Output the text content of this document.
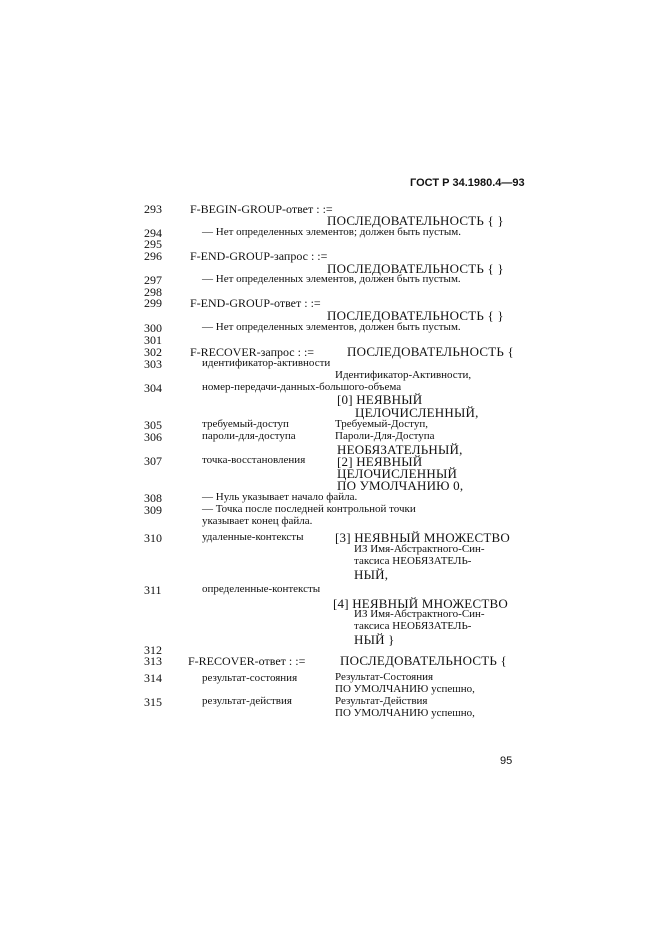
ГОСТ Р 34.1980.4—93
293 F-BEGIN-GROUP-ответ : :=
ПОСЛЕДОВАТЕЛЬНОСТЬ { }
294	— Нет определенных элементов; должен быть пустым.
295
296 F-END-GROUP-запрос : :=
ПОСЛЕДОВАТЕЛЬНОСТЬ { }
297	— Нет определенных элементов, должен быть пустым.
298
299 F-END-GROUP-ответ : :=
ПОСЛЕДОВАТЕЛЬНОСТЬ { }
300	— Нет определенных элементов, должен быть пустым.
301
302 F-RECOVER-запрос : :=	ПОСЛЕДОВАТЕЛЬНОСТЬ {
303	идентификатор-активности
Идентификатор-Активности,
304	номер-передачи-данных-большого-объема
[0] НЕЯВНЫЙ
ЦЕЛОЧИСЛЕННЫЙ,
305	требуемый-доступ	Требуемый-Доступ,
306	пароли-для-доступа	Пароли-Для-Доступа
НЕОБЯЗАТЕЛЬНЫЙ,
307	точка-восстановления [2] НЕЯВНЫЙ
ЦЕЛОЧИСЛЕННЫЙ
ПО УМОЛЧАНИЮ 0,
308	— Нуль указывает начало файла.
309	— Точка после последней контрольной точки
указывает конец файла.
310	удаленные-контексты [3] НЕЯВНЫЙ МНОЖЕСТВО
ИЗ Имя-Абстрактного-Син-
таксиса НЕОБЯЗАТЕЛЬ-
НЫЙ,
311	определенные-контексты
[4] НЕЯВНЫЙ МНОЖЕСТВО
ИЗ Имя-Абстрактного-Син-
таксиса НЕОБЯЗАТЕЛЬ-
НЫЙ }
312
313 F-RECOVER-ответ : :=	ПОСЛЕДОВАТЕЛЬНОСТЬ {
314	результат-состояния	Результат-Состояния
ПО УМОЛЧАНИЮ успешно,
315	результат-действия	Результат-Действия
ПО УМОЛЧАНИЮ успешно,
95
